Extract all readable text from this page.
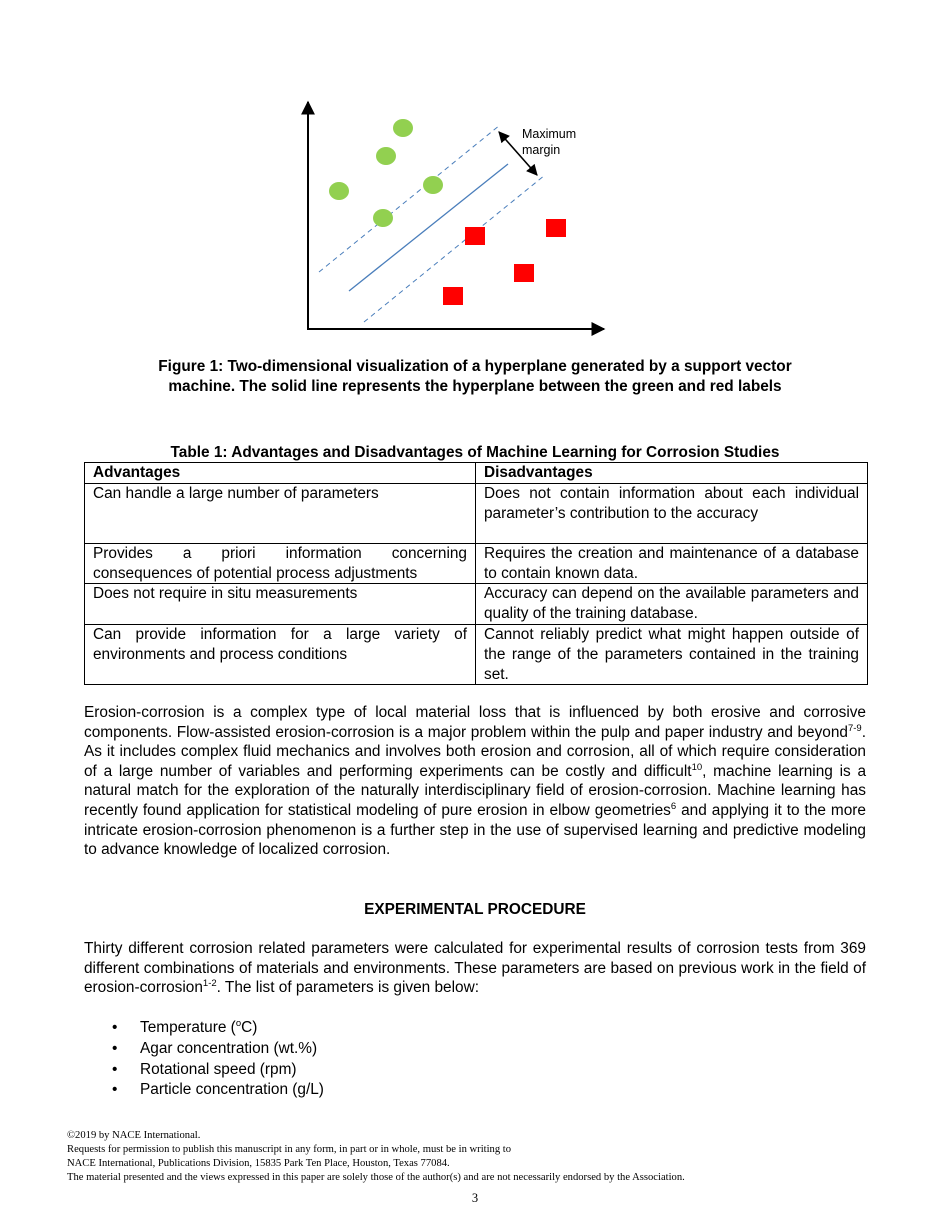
Maximum
margin
Figure 1: Two-dimensional visualization of a hyperplane generated by a support vector
machine. The solid line represents the hyperplane between the green and red labels
Table 1: Advantages and Disadvantages of Machine Learning for Corrosion Studies
Advantages	Disadvantages
Can handle a large number of parameters	Does not contain information about each individual parameter’s contribution to the accuracy
Provides a priori information concerning consequences of potential process adjustments	Requires the creation and maintenance of a database to contain known data.
Does not require in situ measurements	Accuracy can depend on the available parameters and quality of the training database.
Can provide information for a large variety of environments and process conditions	Cannot reliably predict what might happen outside of the range of the parameters contained in the training set.

Erosion-corrosion is a complex type of local material loss that is influenced by both erosive and corrosive components. Flow-assisted erosion-corrosion is a major problem within the pulp and paper industry and beyond$^{7-9}$. As it includes complex fluid mechanics and involves both erosion and corrosion, all of which require consideration of a large number of variables and performing experiments can be costly and difficult$^{10}$, machine learning is a natural match for the exploration of the naturally interdisciplinary field of erosion-corrosion. Machine learning has recently found application for statistical modeling of pure erosion in elbow geometries$^6$ and applying it to the more intricate erosion-corrosion phenomenon is a further step in the use of supervised learning and predictive modeling to advance knowledge of localized corrosion.

EXPERIMENTAL PROCEDURE

Thirty different corrosion related parameters were calculated for experimental results of corrosion tests from 369 different combinations of materials and environments. These parameters are based on previous work in the field of erosion-corrosion$^{1-2}$. The list of parameters is given below:

• Temperature ($^o$C)
• Agar concentration (wt.%)
• Rotational speed (rpm)
• Particle concentration (g/L)
©2019 by NACE International.
Requests for permission to publish this manuscript in any form, in part or in whole, must be in writing to
NACE International, Publications Division, 15835 Park Ten Place, Houston, Texas 77084.
The material presented and the views expressed in this paper are solely those of the author(s) and are not necessarily endorsed by the Association.
3
